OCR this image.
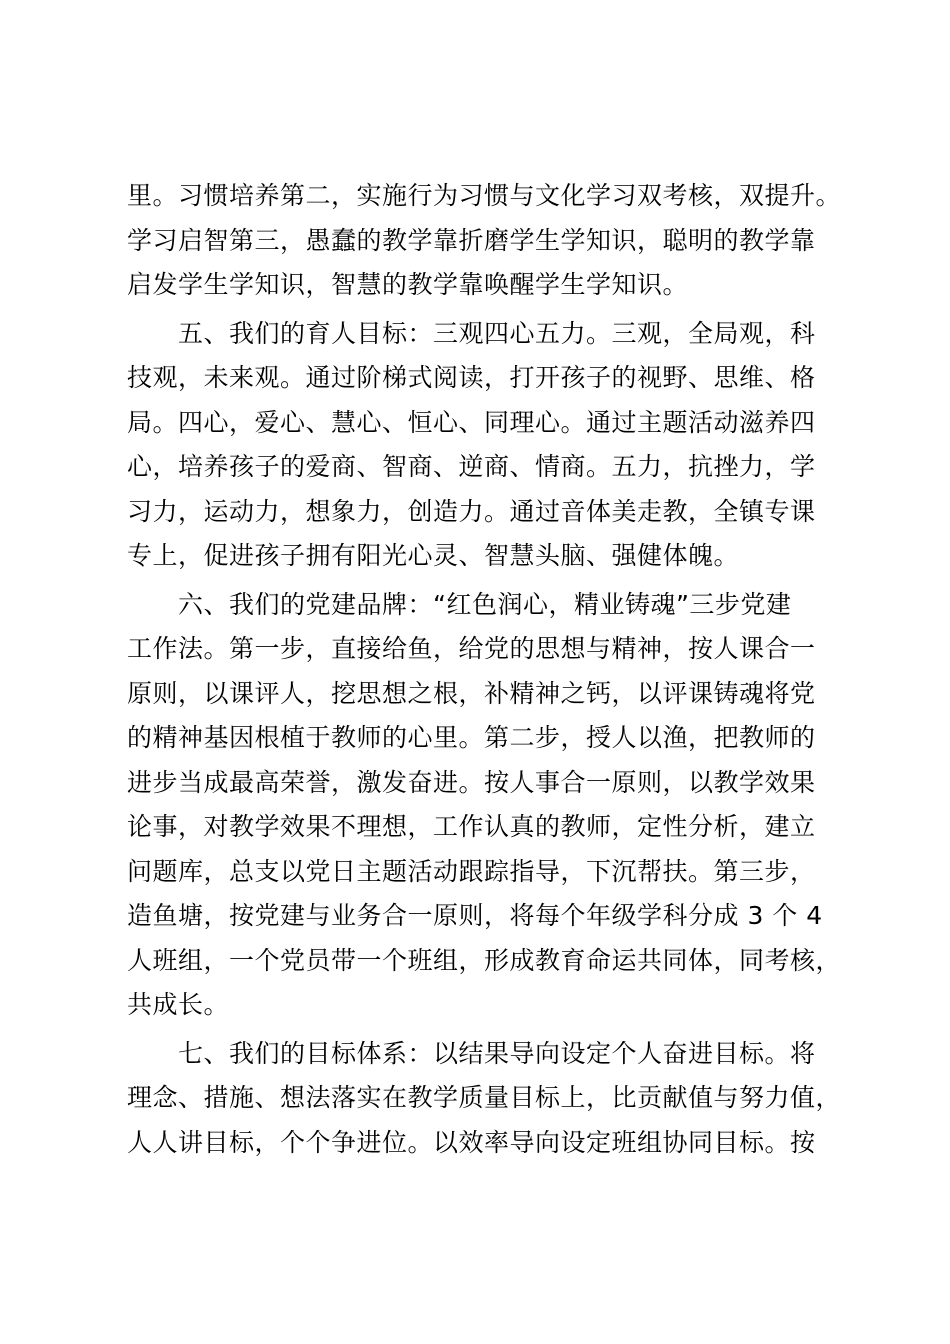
里。习惯培养第二，实施行为习惯与文化学习双考核，双提升。
学习启智第三，愚蠢的教学靠折磨学生学知识，聪明的教学靠
启发学生学知识，智慧的教学靠唤醒学生学知识。
五、我们的育人目标：三观四心五力。三观，全局观，科
技观，未来观。通过阶梯式阅读，打开孩子的视野、思维、格
局。四心，爱心、慧心、恒心、同理心。通过主题活动滋养四
心，培养孩子的爱商、智商、逆商、情商。五力，抗挫力，学
习力，运动力，想象力，创造力。通过音体美走教，全镇专课
专上，促进孩子拥有阳光心灵、智慧头脑、强健体魄。
六、我们的党建品牌：“红色润心，精业铸魂”三步党建
工作法。第一步，直接给鱼，给党的思想与精神，按人课合一
原则，以课评人，挖思想之根，补精神之钙，以评课铸魂将党
的精神基因根植于教师的心里。第二步，授人以渔，把教师的
进步当成最高荣誉，激发奋进。按人事合一原则，以教学效果
论事，对教学效果不理想，工作认真的教师，定性分析，建立
问题库，总支以党日主题活动跟踪指导，下沉帮扶。第三步，
造鱼塘，按党建与业务合一原则，将每个年级学科分成 3 个 4
人班组，一个党员带一个班组，形成教育命运共同体，同考核，
共成长。
七、我们的目标体系：以结果导向设定个人奋进目标。将
理念、措施、想法落实在教学质量目标上，比贡献值与努力值，
人人讲目标，个个争进位。以效率导向设定班组协同目标。按
